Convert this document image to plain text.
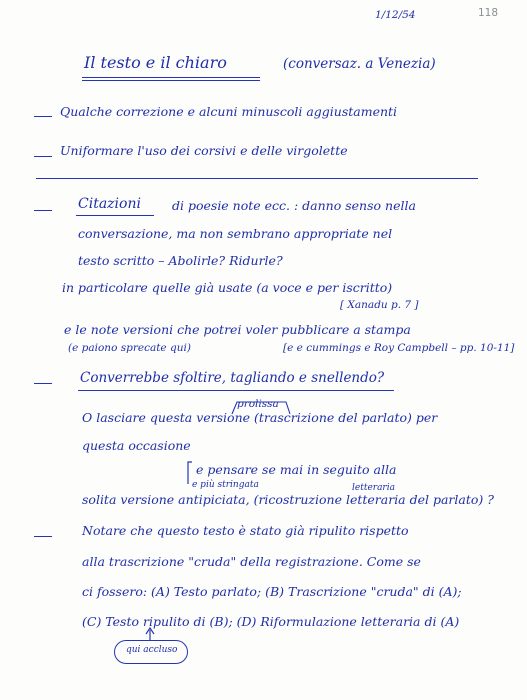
1/12/54	118
Il testo e il chiaro	(conversaz. a Venezia)
Qualche correzione e alcuni minuscoli aggiustamenti
Uniformare l'uso dei corsivi e delle virgolette
Citazioni di poesie note ecc. : danno senso nella
conversazione, ma non sembrano appropriate nel
testo scritto – Abolirle? Ridurle?
in particolare quelle già usate (a voce e per iscritto)
[ Xanadu p. 7 ]
e le note versioni che potrei voler pubblicare a stampa
(e paiono sprecate qui)	[e e cummings e Roy Campbell – pp. 10-11]
Converrebbe sfoltire, tagliando e snellendo?
prolissa
O lasciare questa versione (trascrizione del parlato) per
questa occasione
e pensare se mai in seguito alla
e più stringata	letteraria
solita versione antipiciata, (ricostruzione letteraria del parlato) ?
Notare che questo testo è stato già ripulito rispetto
alla trascrizione "cruda" della registrazione. Come se
ci fossero: (A) Testo parlato; (B) Trascrizione "cruda" di (A);
(C) Testo ripulito di (B); (D) Riformulazione letteraria di (A)
qui accluso
